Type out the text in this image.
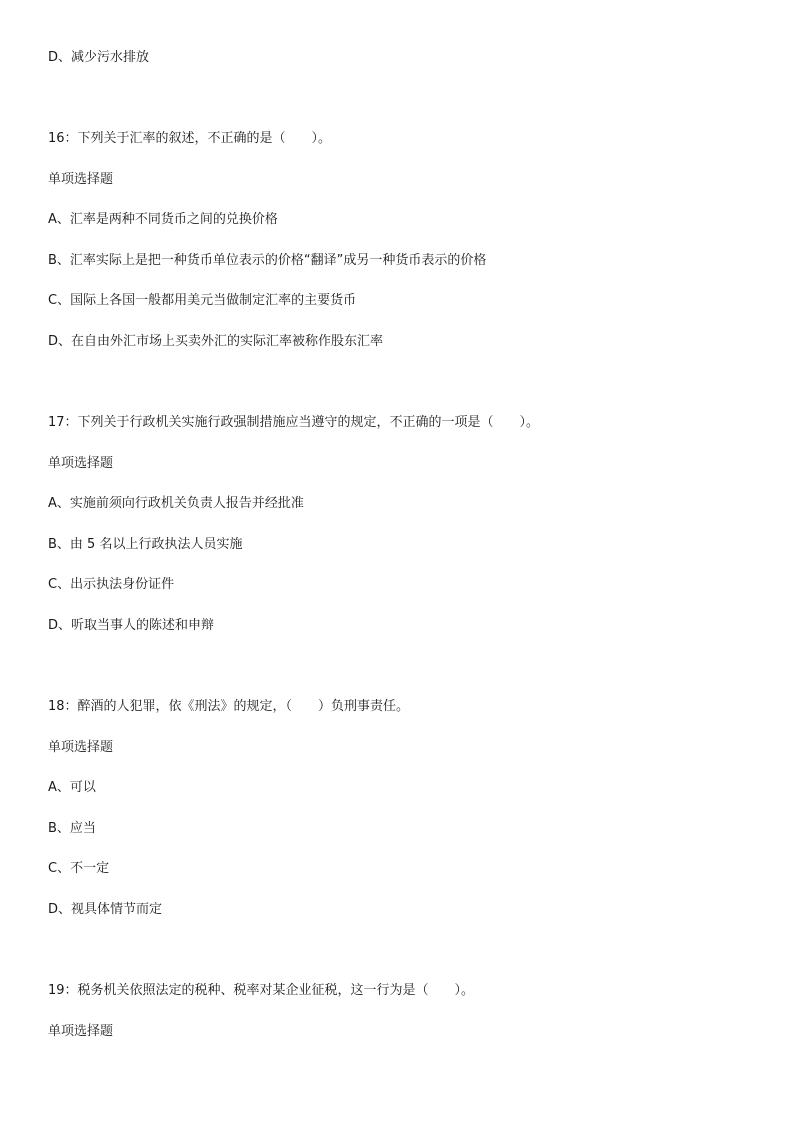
D、减少污水排放

16：下列关于汇率的叙述，不正确的是（　　）。

单项选择题

A、汇率是两种不同货币之间的兑换价格

B、汇率实际上是把一种货币单位表示的价格“翻译”成另一种货币表示的价格

C、国际上各国一般都用美元当做制定汇率的主要货币

D、在自由外汇市场上买卖外汇的实际汇率被称作股东汇率

17：下列关于行政机关实施行政强制措施应当遵守的规定，不正确的一项是（　　）。

单项选择题

A、实施前须向行政机关负责人报告并经批准

B、由 5 名以上行政执法人员实施

C、出示执法身份证件

D、听取当事人的陈述和申辩

18：醉酒的人犯罪，依《刑法》的规定，（　　）负刑事责任。

单项选择题

A、可以

B、应当

C、不一定

D、视具体情节而定

19：税务机关依照法定的税种、税率对某企业征税，这一行为是（　　）。

单项选择题
